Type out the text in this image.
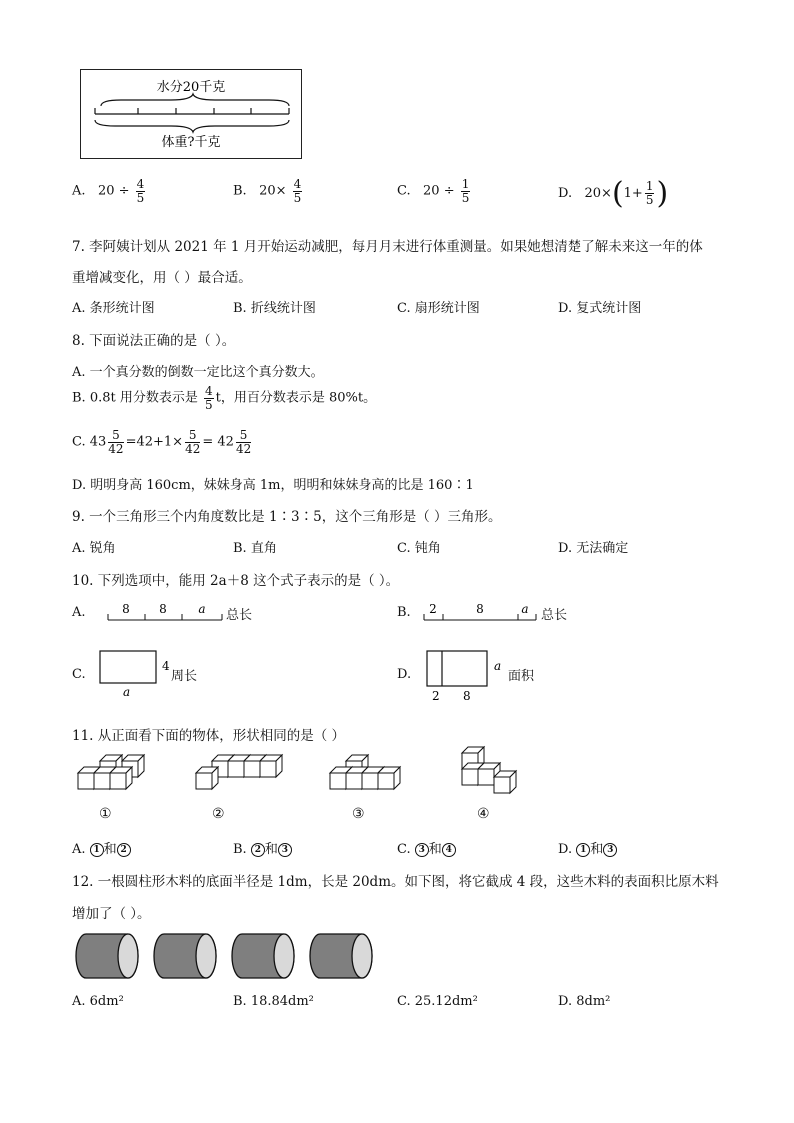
水分20千克
体重?千克
A. $20 \div \frac{4}{5}$	B. $20\times \frac{4}{5}$	C. $20 \div \frac{1}{5}$	D. $20\times(1+ \frac{1}{5}$ )
7. 李阿姨计划从 2021 年 1 月开始运动减肥，每月月末进行体重测量。如果她想清楚了解未来这一年的体
重增减变化，用（ ）最合适。
A. 条形统计图	B. 折线统计图	C. 扇形统计图	D. 复式统计图
8. 下面说法正确的是（ ）。
A. 一个真分数的倒数一定比这个真分数大。
B. 0.8t 用分数表示是 $\frac{4}{5}$ t，用百分数表示是 80%t。
C. $43 \frac{5}{42} =42+1\times \frac{5}{42} = 42 \frac{5}{42}$
D. 明明身高 160cm，妹妹身高 1m，明明和妹妹身高的比是 160∶1
9. 一个三角形三个内角度数比是 1∶3∶5，这个三角形是（ ）三角形。
A. 锐角	B. 直角	C. 钝角	D. 无法确定
10. 下列选项中，能用 2a＋8 这个式子表示的是（ ）。
A.	8 8	a 总长	B. 2	8	a 总长
C.
4
a
周长	D.
a
2 8
面积
11. 从正面看下面的物体，形状相同的是（ ）
①	②	③	④
A. 1 和 2	B. 2 和 3	C. 3 和 4	D. 1 和 3
12. 一根圆柱形木料的底面半径是 1dm，长是 20dm。如下图，将它截成 4 段，这些木料的表面积比原木料
增加了（ ）。
A. 6dm²	B. 18.84dm²	C. 25.12dm²	D. 8dm²
